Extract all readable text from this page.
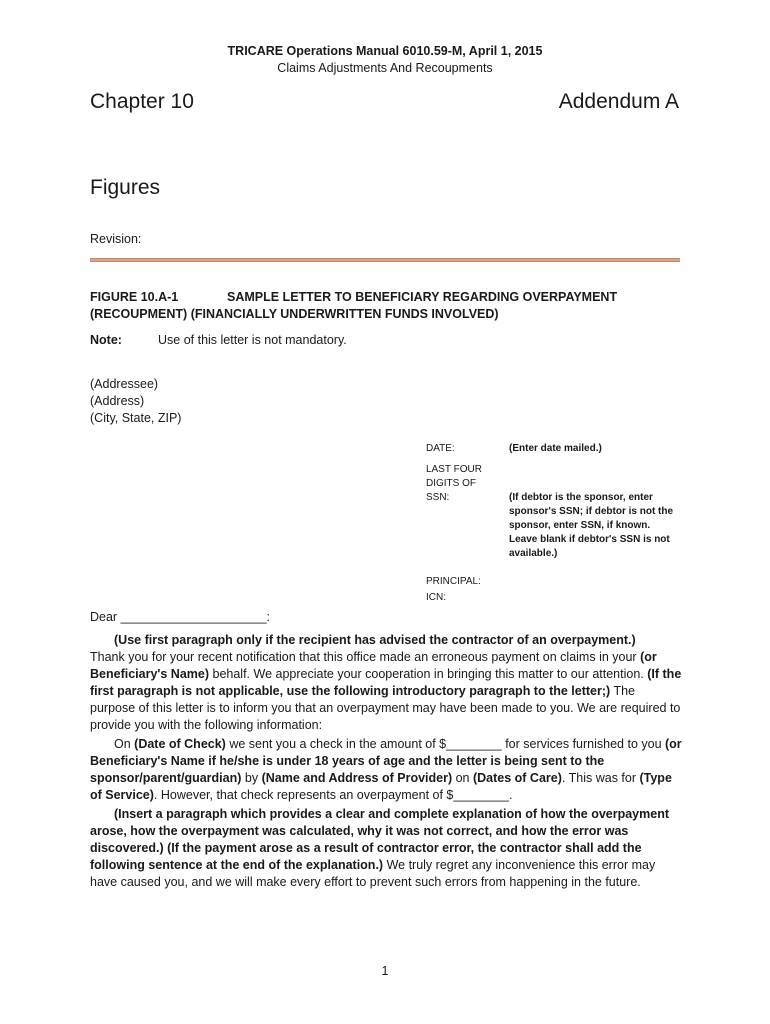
TRICARE Operations Manual 6010.59-M, April 1, 2015
Claims Adjustments And Recoupments
Chapter 10	Addendum A
Figures
Revision:
FIGURE 10.A-1	SAMPLE LETTER TO BENEFICIARY REGARDING OVERPAYMENT
(RECOUPMENT) (FINANCIALLY UNDERWRITTEN FUNDS INVOLVED)
Note:	Use of this letter is not mandatory.
(Addressee)
(Address)
(City, State, ZIP)
DATE:	(Enter date mailed.)
LAST FOUR
DIGITS OF
SSN:	(If debtor is the sponsor, enter
sponsor's SSN; if debtor is not the
sponsor, enter SSN, if known.
Leave blank if debtor's SSN is not
available.)
PRINCIPAL:
ICN:
Dear _____________________:

(Use first paragraph only if the recipient has advised the contractor of an overpayment.)
Thank you for your recent notification that this office made an erroneous payment on claims in your (or Beneficiary's Name) behalf. We appreciate your cooperation in bringing this matter to our attention. (If the first paragraph is not applicable, use the following introductory paragraph to the letter;) The purpose of this letter is to inform you that an overpayment may have been made to you. We are required to provide you with the following information:

On (Date of Check) we sent you a check in the amount of $________ for services furnished to you (or Beneficiary's Name if he/she is under 18 years of age and the letter is being sent to the sponsor/parent/guardian) by (Name and Address of Provider) on (Dates of Care). This was for (Type of Service). However, that check represents an overpayment of $________.

(Insert a paragraph which provides a clear and complete explanation of how the overpayment arose, how the overpayment was calculated, why it was not correct, and how the error was discovered.) (If the payment arose as a result of contractor error, the contractor shall add the following sentence at the end of the explanation.) We truly regret any inconvenience this error may have caused you, and we will make every effort to prevent such errors from happening in the future.

1
